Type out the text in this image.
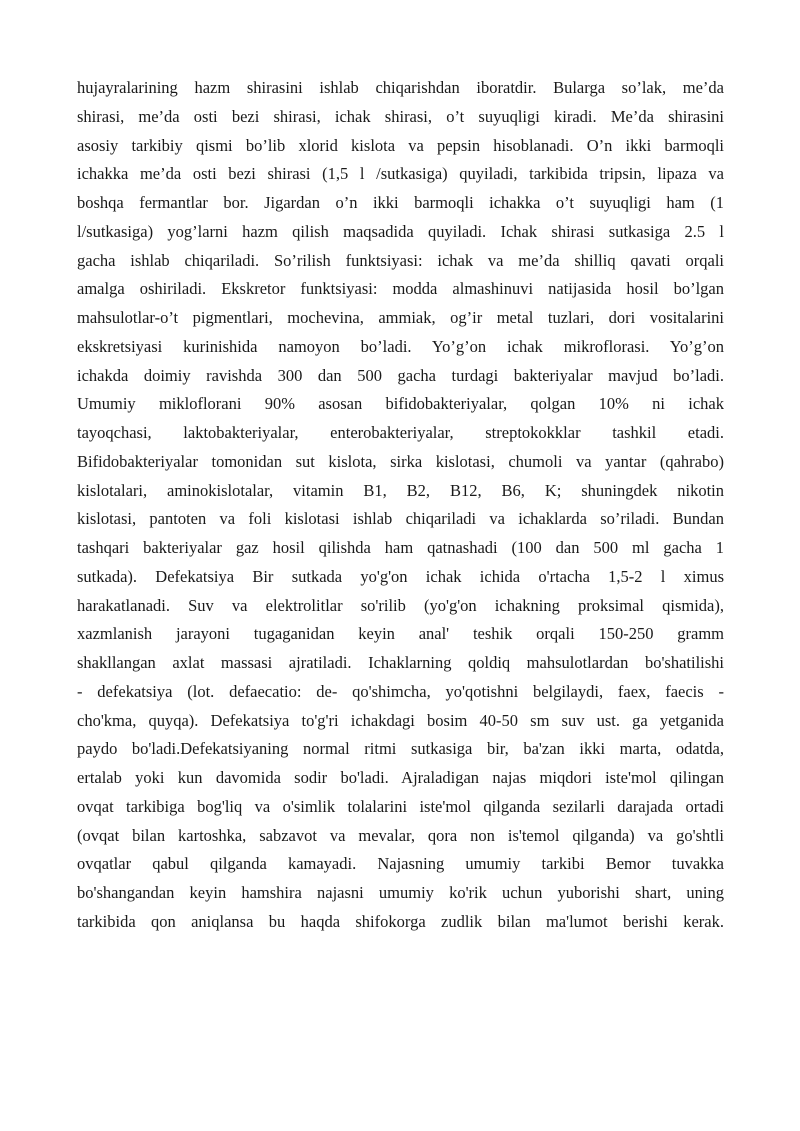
hujayralarining hazm shirasini ishlab chiqarishdan iboratdir. Bularga so’lak, me’da
shirasi, me’da osti bezi shirasi, ichak shirasi, o’t suyuqligi kiradi. Me’da shirasini
asosiy tarkibiy qismi bo’lib xlorid kislota va pepsin hisoblanadi. O’n ikki barmoqli
ichakka me’da osti bezi shirasi (1,5 l /sutkasiga) quyiladi, tarkibida tripsin, lipaza va
boshqa fermantlar bor. Jigardan o’n ikki barmoqli ichakka o’t suyuqligi ham (1
l/sutkasiga) yog’larni hazm qilish maqsadida quyiladi. Ichak shirasi sutkasiga 2.5 l
gacha ishlab chiqariladi. So’rilish funktsiyasi: ichak va me’da shilliq qavati orqali
amalga oshiriladi. Ekskretor funktsiyasi: modda almashinuvi natijasida hosil bo’lgan
mahsulotlar-o’t pigmentlari, mochevina, ammiak, og’ir metal tuzlari, dori vositalarini
ekskretsiyasi kurinishida namoyon bo’ladi. Yo’g’on ichak mikroflorasi. Yo’g’on
ichakda doimiy ravishda 300 dan 500 gacha turdagi bakteriyalar mavjud bo’ladi.
Umumiy mikloflorani 90% asosan bifidobakteriyalar, qolgan 10% ni ichak
tayoqchasi, laktobakteriyalar, enterobakteriyalar, streptokokklar tashkil etadi.
Bifidobakteriyalar tomonidan sut kislota, sirka kislotasi, chumoli va yantar (qahrabo)
kislotalari, aminokislotalar, vitamin B1, B2, B12, B6, K; shuningdek nikotin
kislotasi, pantoten va foli kislotasi ishlab chiqariladi va ichaklarda so’riladi. Bundan
tashqari bakteriyalar gaz hosil qilishda ham qatnashadi (100 dan 500 ml gacha 1
sutkada). Defekatsiya Bir sutkada yo'g'on ichak ichida o'rtacha 1,5-2 l ximus
harakatlanadi. Suv va elektrolitlar so'rilib (yo'g'on ichakning proksimal qismida),
xazmlanish jarayoni tugaganidan keyin anal' teshik orqali 150-250 gramm
shakllangan axlat massasi ajratiladi. Ichaklarning qoldiq mahsulotlardan bo'shatilishi
- defekatsiya (lot. defaecatio: de- qo'shimcha, yo'qotishni belgilaydi, faex, faecis -
cho'kma, quyqa). Defekatsiya to'g'ri ichakdagi bosim 40-50 sm suv ust. ga yetganida
paydo bo'ladi.Defekatsiyaning normal ritmi sutkasiga bir, ba'zan ikki marta, odatda,
ertalab yoki kun davomida sodir bo'ladi. Ajraladigan najas miqdori iste'mol qilingan
ovqat tarkibiga bog'liq va o'simlik tolalarini iste'mol qilganda sezilarli darajada ortadi
(ovqat bilan kartoshka, sabzavot va mevalar, qora non is'temol qilganda) va go'shtli
ovqatlar qabul qilganda kamayadi. Najasning umumiy tarkibi Bemor tuvakka
bo'shangandan keyin hamshira najasni umumiy ko'rik uchun yuborishi shart, uning
tarkibida qon aniqlansa bu haqda shifokorga zudlik bilan ma'lumot berishi kerak.
